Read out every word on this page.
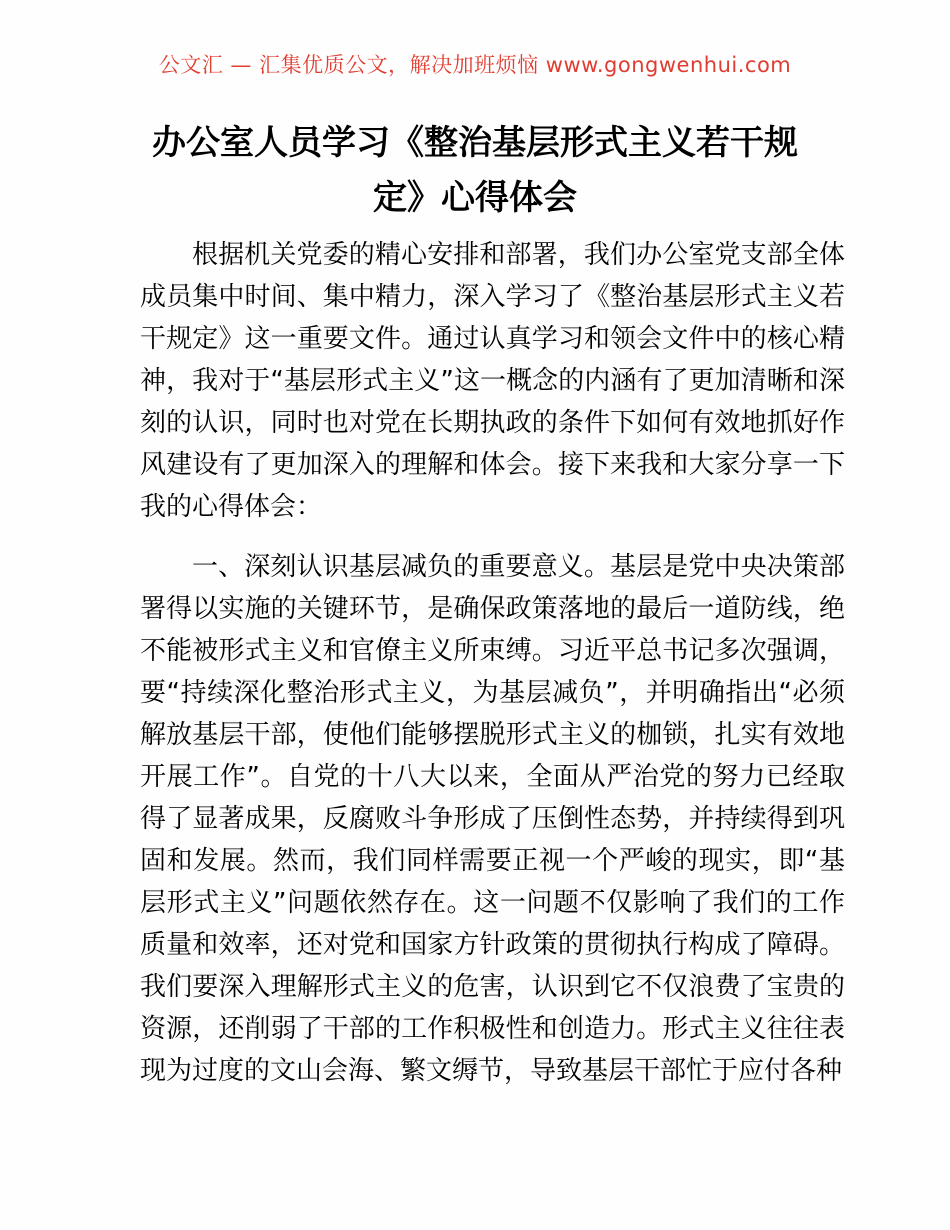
公文汇 — 汇集优质公文，解决加班烦恼 www.gongwenhui.com
办公室人员学习《整治基层形式主义若干规定》心得体会

根据机关党委的精心安排和部署，我们办公室党支部全体成员集中时间、集中精力，深入学习了《整治基层形式主义若干规定》这一重要文件。通过认真学习和领会文件中的核心精神，我对于“基层形式主义”这一概念的内涵有了更加清晰和深刻的认识，同时也对党在长期执政的条件下如何有效地抓好作风建设有了更加深入的理解和体会。接下来我和大家分享一下我的心得体会：

一、深刻认识基层减负的重要意义。基层是党中央决策部署得以实施的关键环节，是确保政策落地的最后一道防线，绝不能被形式主义和官僚主义所束缚。习近平总书记多次强调，要“持续深化整治形式主义，为基层减负”，并明确指出“必须解放基层干部，使他们能够摆脱形式主义的枷锁，扎实有效地开展工作”。自党的十八大以来，全面从严治党的努力已经取得了显著成果，反腐败斗争形成了压倒性态势，并持续得到巩固和发展。然而，我们同样需要正视一个严峻的现实，即“基层形式主义”问题依然存在。这一问题不仅影响了我们的工作质量和效率，还对党和国家方针政策的贯彻执行构成了障碍。我们要深入理解形式主义的危害，认识到它不仅浪费了宝贵的资源，还削弱了干部的工作积极性和创造力。形式主义往往表现为过度的文山会海、繁文缛节，导致基层干部忙于应付各种
